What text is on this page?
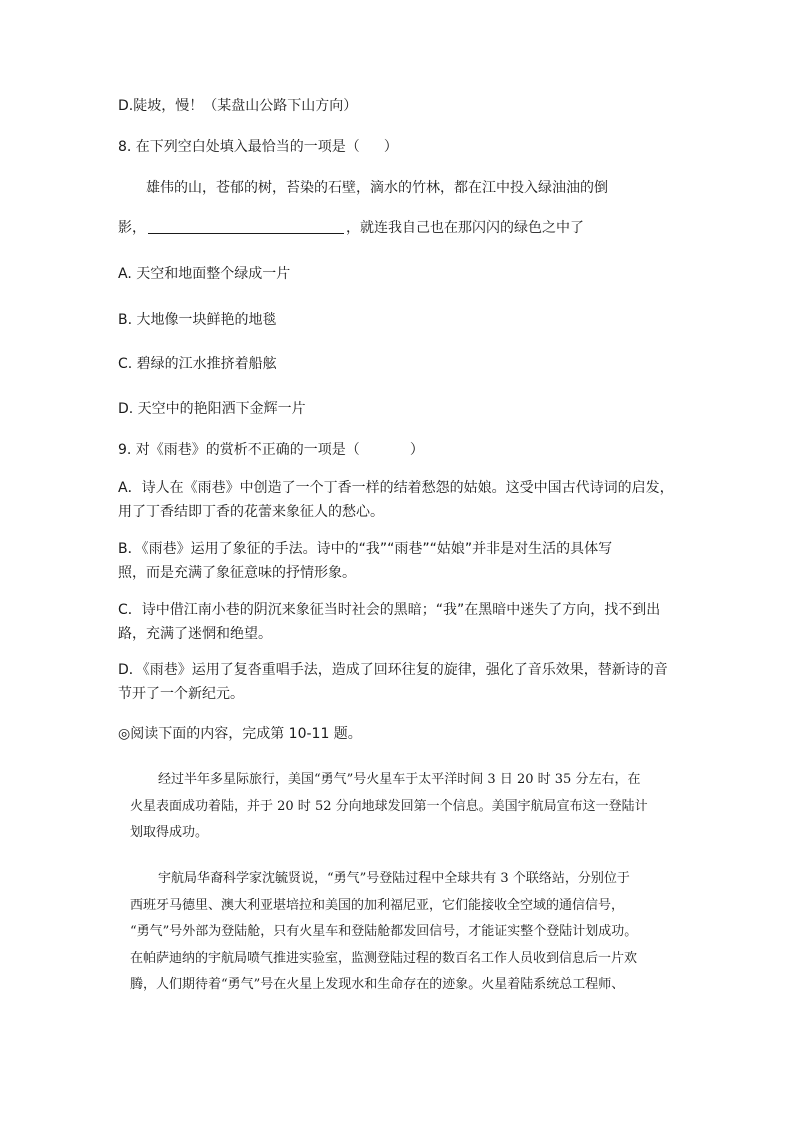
D.陡坡，慢！（某盘山公路下山方向）
8. 在下列空白处填入最恰当的一项是（ ）
雄伟的山，苍郁的树，苔染的石壁，滴水的竹林，都在江中投入绿油油的倒
影，	，就连我自己也在那闪闪的绿色之中了
A. 天空和地面整个绿成一片
B. 大地像一块鲜艳的地毯
C. 碧绿的江水推挤着船舷
D. 天空中的艳阳洒下金辉一片
9. 对《雨巷》的赏析不正确的一项是（	）
A．诗人在《雨巷》中创造了一个丁香一样的结着愁怨的姑娘。这受中国古代诗词的启发，
用了丁香结即丁香的花蕾来象征人的愁心。
B．《雨巷》运用了象征的手法。诗中的“我”“雨巷”“姑娘”并非是对生活的具体写
照，而是充满了象征意味的抒情形象。
C．诗中借江南小巷的阴沉来象征当时社会的黑暗；“我”在黑暗中迷失了方向，找不到出
路，充满了迷惘和绝望。
D．《雨巷》运用了复沓重唱手法，造成了回环往复的旋律，强化了音乐效果，替新诗的音
节开了一个新纪元。
◎阅读下面的内容，完成第 10-11 题。
经过半年多星际旅行，美国“勇气”号火星车于太平洋时间 3 日 20 时 35 分左右，在
火星表面成功着陆，并于 20 时 52 分向地球发回第一个信息。美国宇航局宣布这一登陆计
划取得成功。
宇航局华裔科学家沈毓贤说，“勇气”号登陆过程中全球共有 3 个联络站，分别位于
西班牙马德里、澳大利亚堪培拉和美国的加利福尼亚，它们能接收全空域的通信信号，
“勇气”号外部为登陆舱，只有火星车和登陆舱都发回信号，才能证实整个登陆计划成功。
在帕萨迪纳的宇航局喷气推进实验室，监测登陆过程的数百名工作人员收到信息后一片欢
腾，人们期待着“勇气”号在火星上发现水和生命存在的迹象。火星着陆系统总工程师、
